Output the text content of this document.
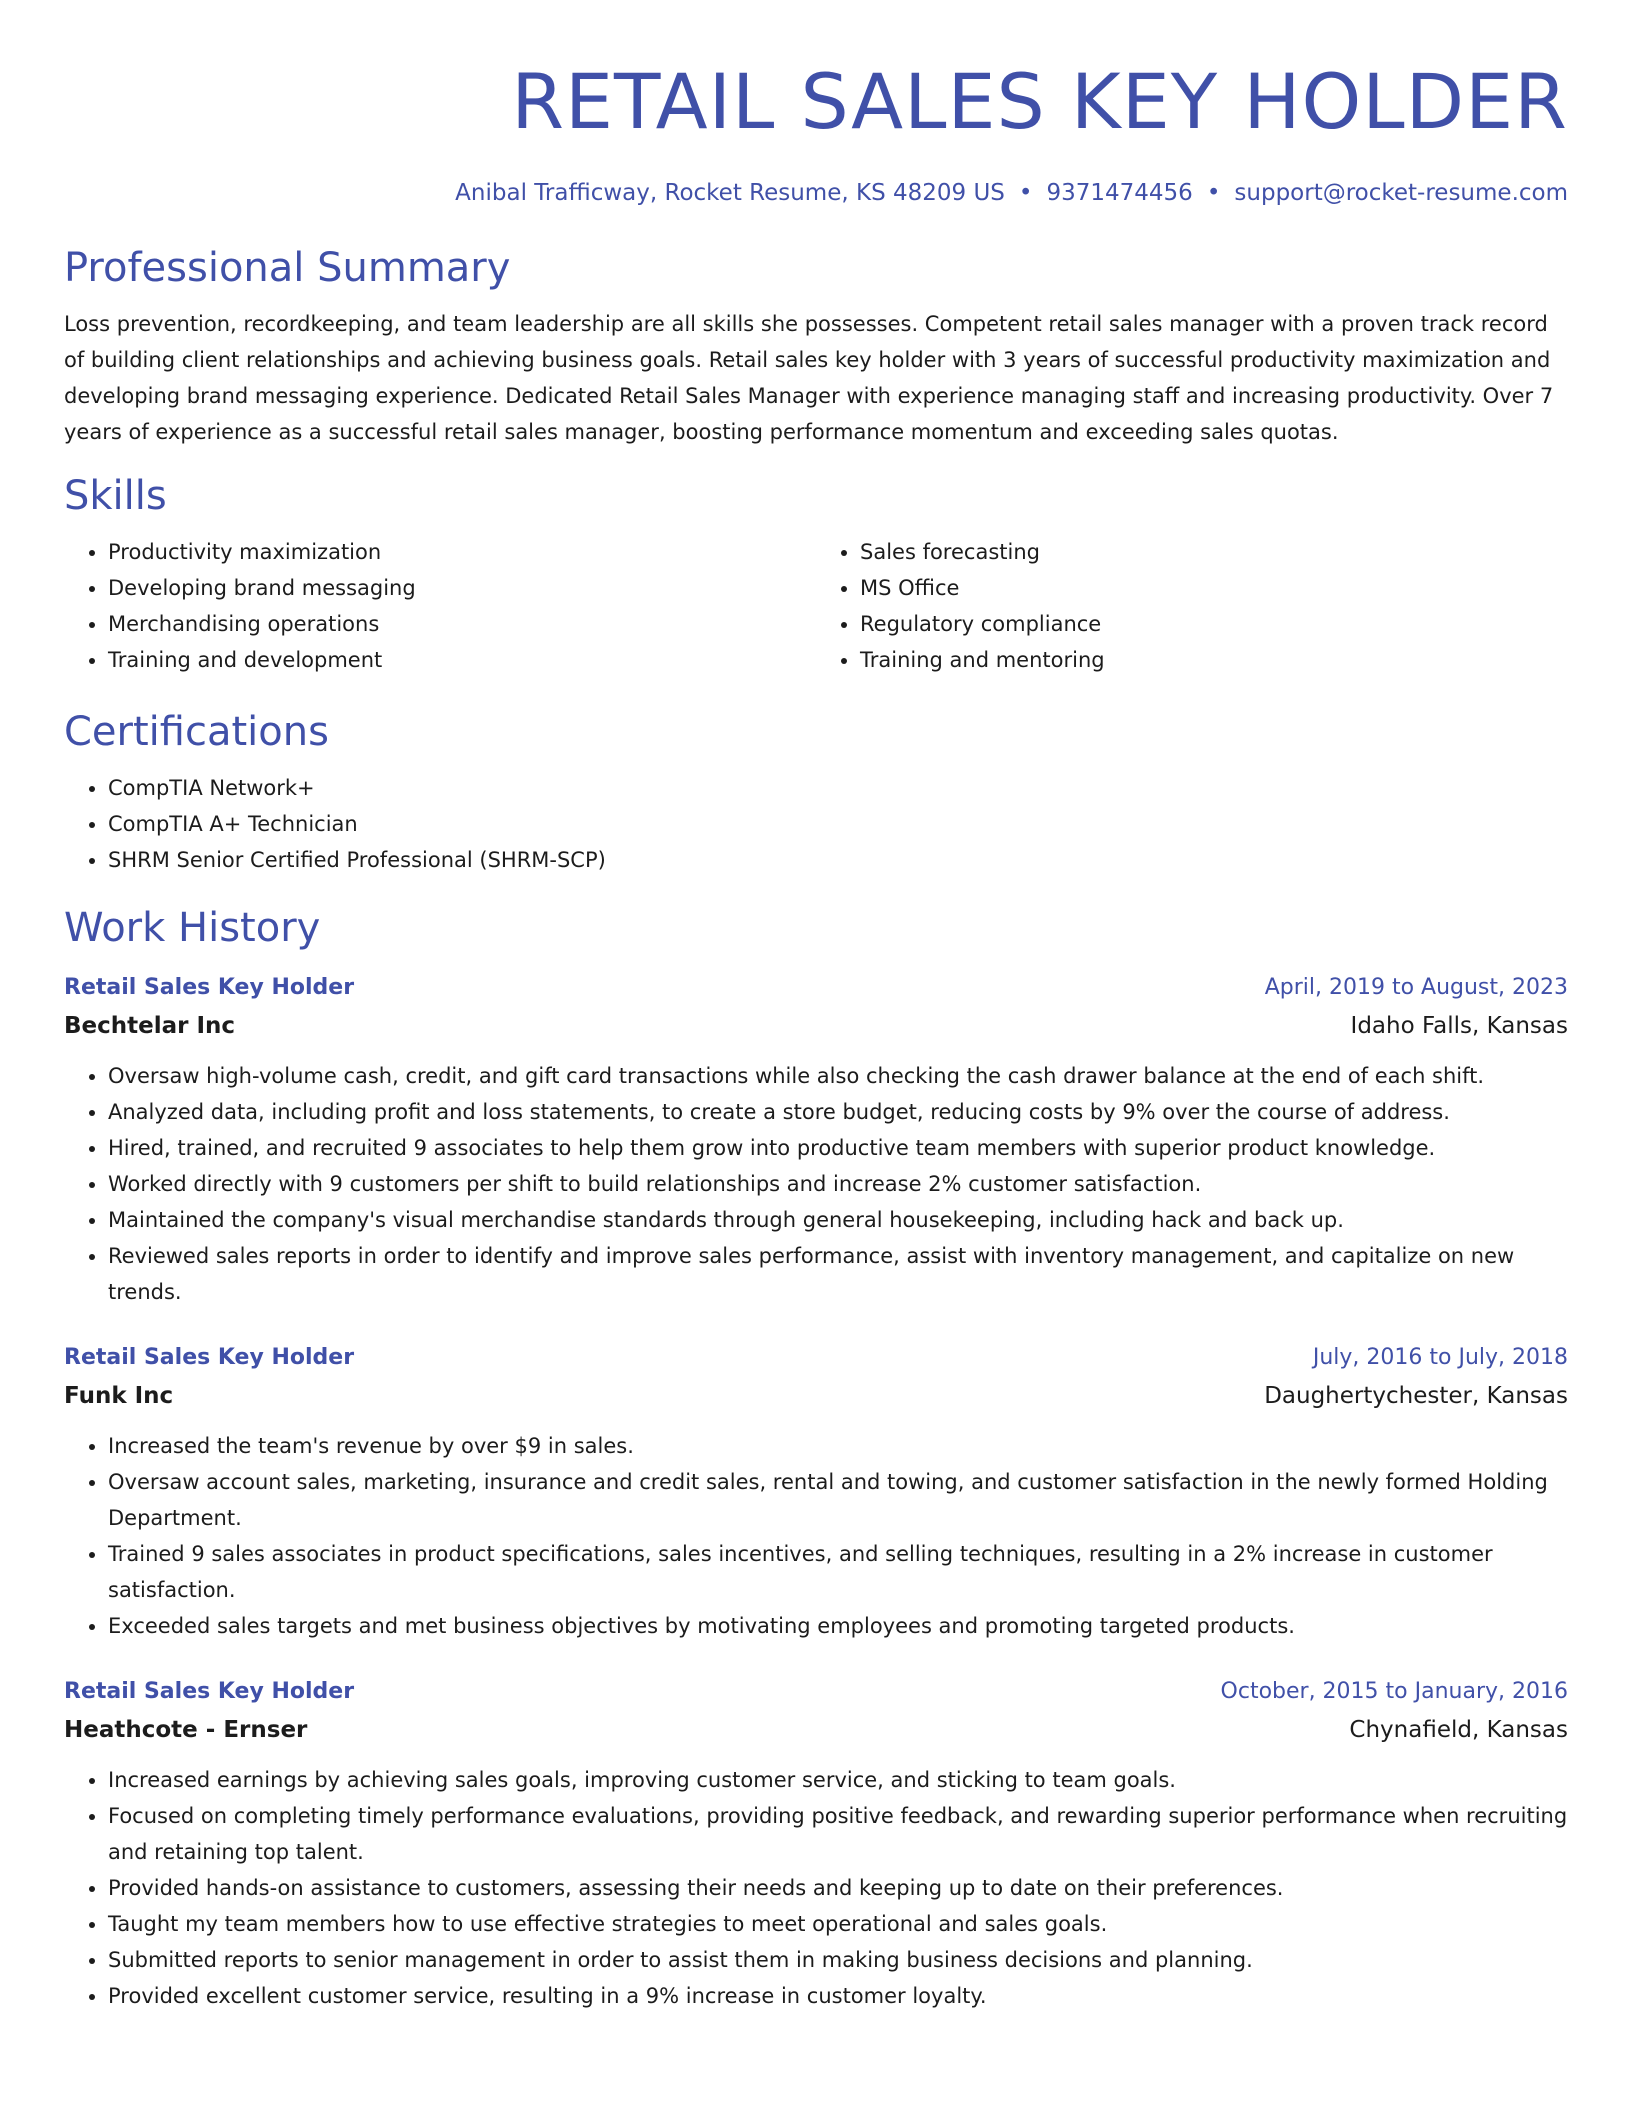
RETAIL SALES KEY HOLDER
Anibal Trafficway, Rocket Resume, KS 48209 US • 9371474456 • support@rocket-resume.com
Professional Summary
Loss prevention, recordkeeping, and team leadership are all skills she possesses. Competent retail sales manager with a proven track record of building client relationships and achieving business goals. Retail sales key holder with 3 years of successful productivity maximization and developing brand messaging experience. Dedicated Retail Sales Manager with experience managing staff and increasing productivity. Over 7 years of experience as a successful retail sales manager, boosting performance momentum and exceeding sales quotas.
Skills
• Productivity maximization
• Developing brand messaging
• Merchandising operations
• Training and development
• Sales forecasting
• MS Office
• Regulatory compliance
• Training and mentoring
Certifications
• CompTIA Network+
• CompTIA A+ Technician
• SHRM Senior Certified Professional (SHRM-SCP)
Work History
Retail Sales Key Holder	April, 2019 to August, 2023
Bechtelar Inc	Idaho Falls, Kansas
• Oversaw high-volume cash, credit, and gift card transactions while also checking the cash drawer balance at the end of each shift.
• Analyzed data, including profit and loss statements, to create a store budget, reducing costs by 9% over the course of address.
• Hired, trained, and recruited 9 associates to help them grow into productive team members with superior product knowledge.
• Worked directly with 9 customers per shift to build relationships and increase 2% customer satisfaction.
• Maintained the company's visual merchandise standards through general housekeeping, including hack and back up.
• Reviewed sales reports in order to identify and improve sales performance, assist with inventory management, and capitalize on new trends.
Retail Sales Key Holder	July, 2016 to July, 2018
Funk Inc	Daughertychester, Kansas
• Increased the team's revenue by over $9 in sales.
• Oversaw account sales, marketing, insurance and credit sales, rental and towing, and customer satisfaction in the newly formed Holding Department.
• Trained 9 sales associates in product specifications, sales incentives, and selling techniques, resulting in a 2% increase in customer satisfaction.
• Exceeded sales targets and met business objectives by motivating employees and promoting targeted products.
Retail Sales Key Holder	October, 2015 to January, 2016
Heathcote - Ernser	Chynafield, Kansas
• Increased earnings by achieving sales goals, improving customer service, and sticking to team goals.
• Focused on completing timely performance evaluations, providing positive feedback, and rewarding superior performance when recruiting and retaining top talent.
• Provided hands-on assistance to customers, assessing their needs and keeping up to date on their preferences.
• Taught my team members how to use effective strategies to meet operational and sales goals.
• Submitted reports to senior management in order to assist them in making business decisions and planning.
• Provided excellent customer service, resulting in a 9% increase in customer loyalty.
